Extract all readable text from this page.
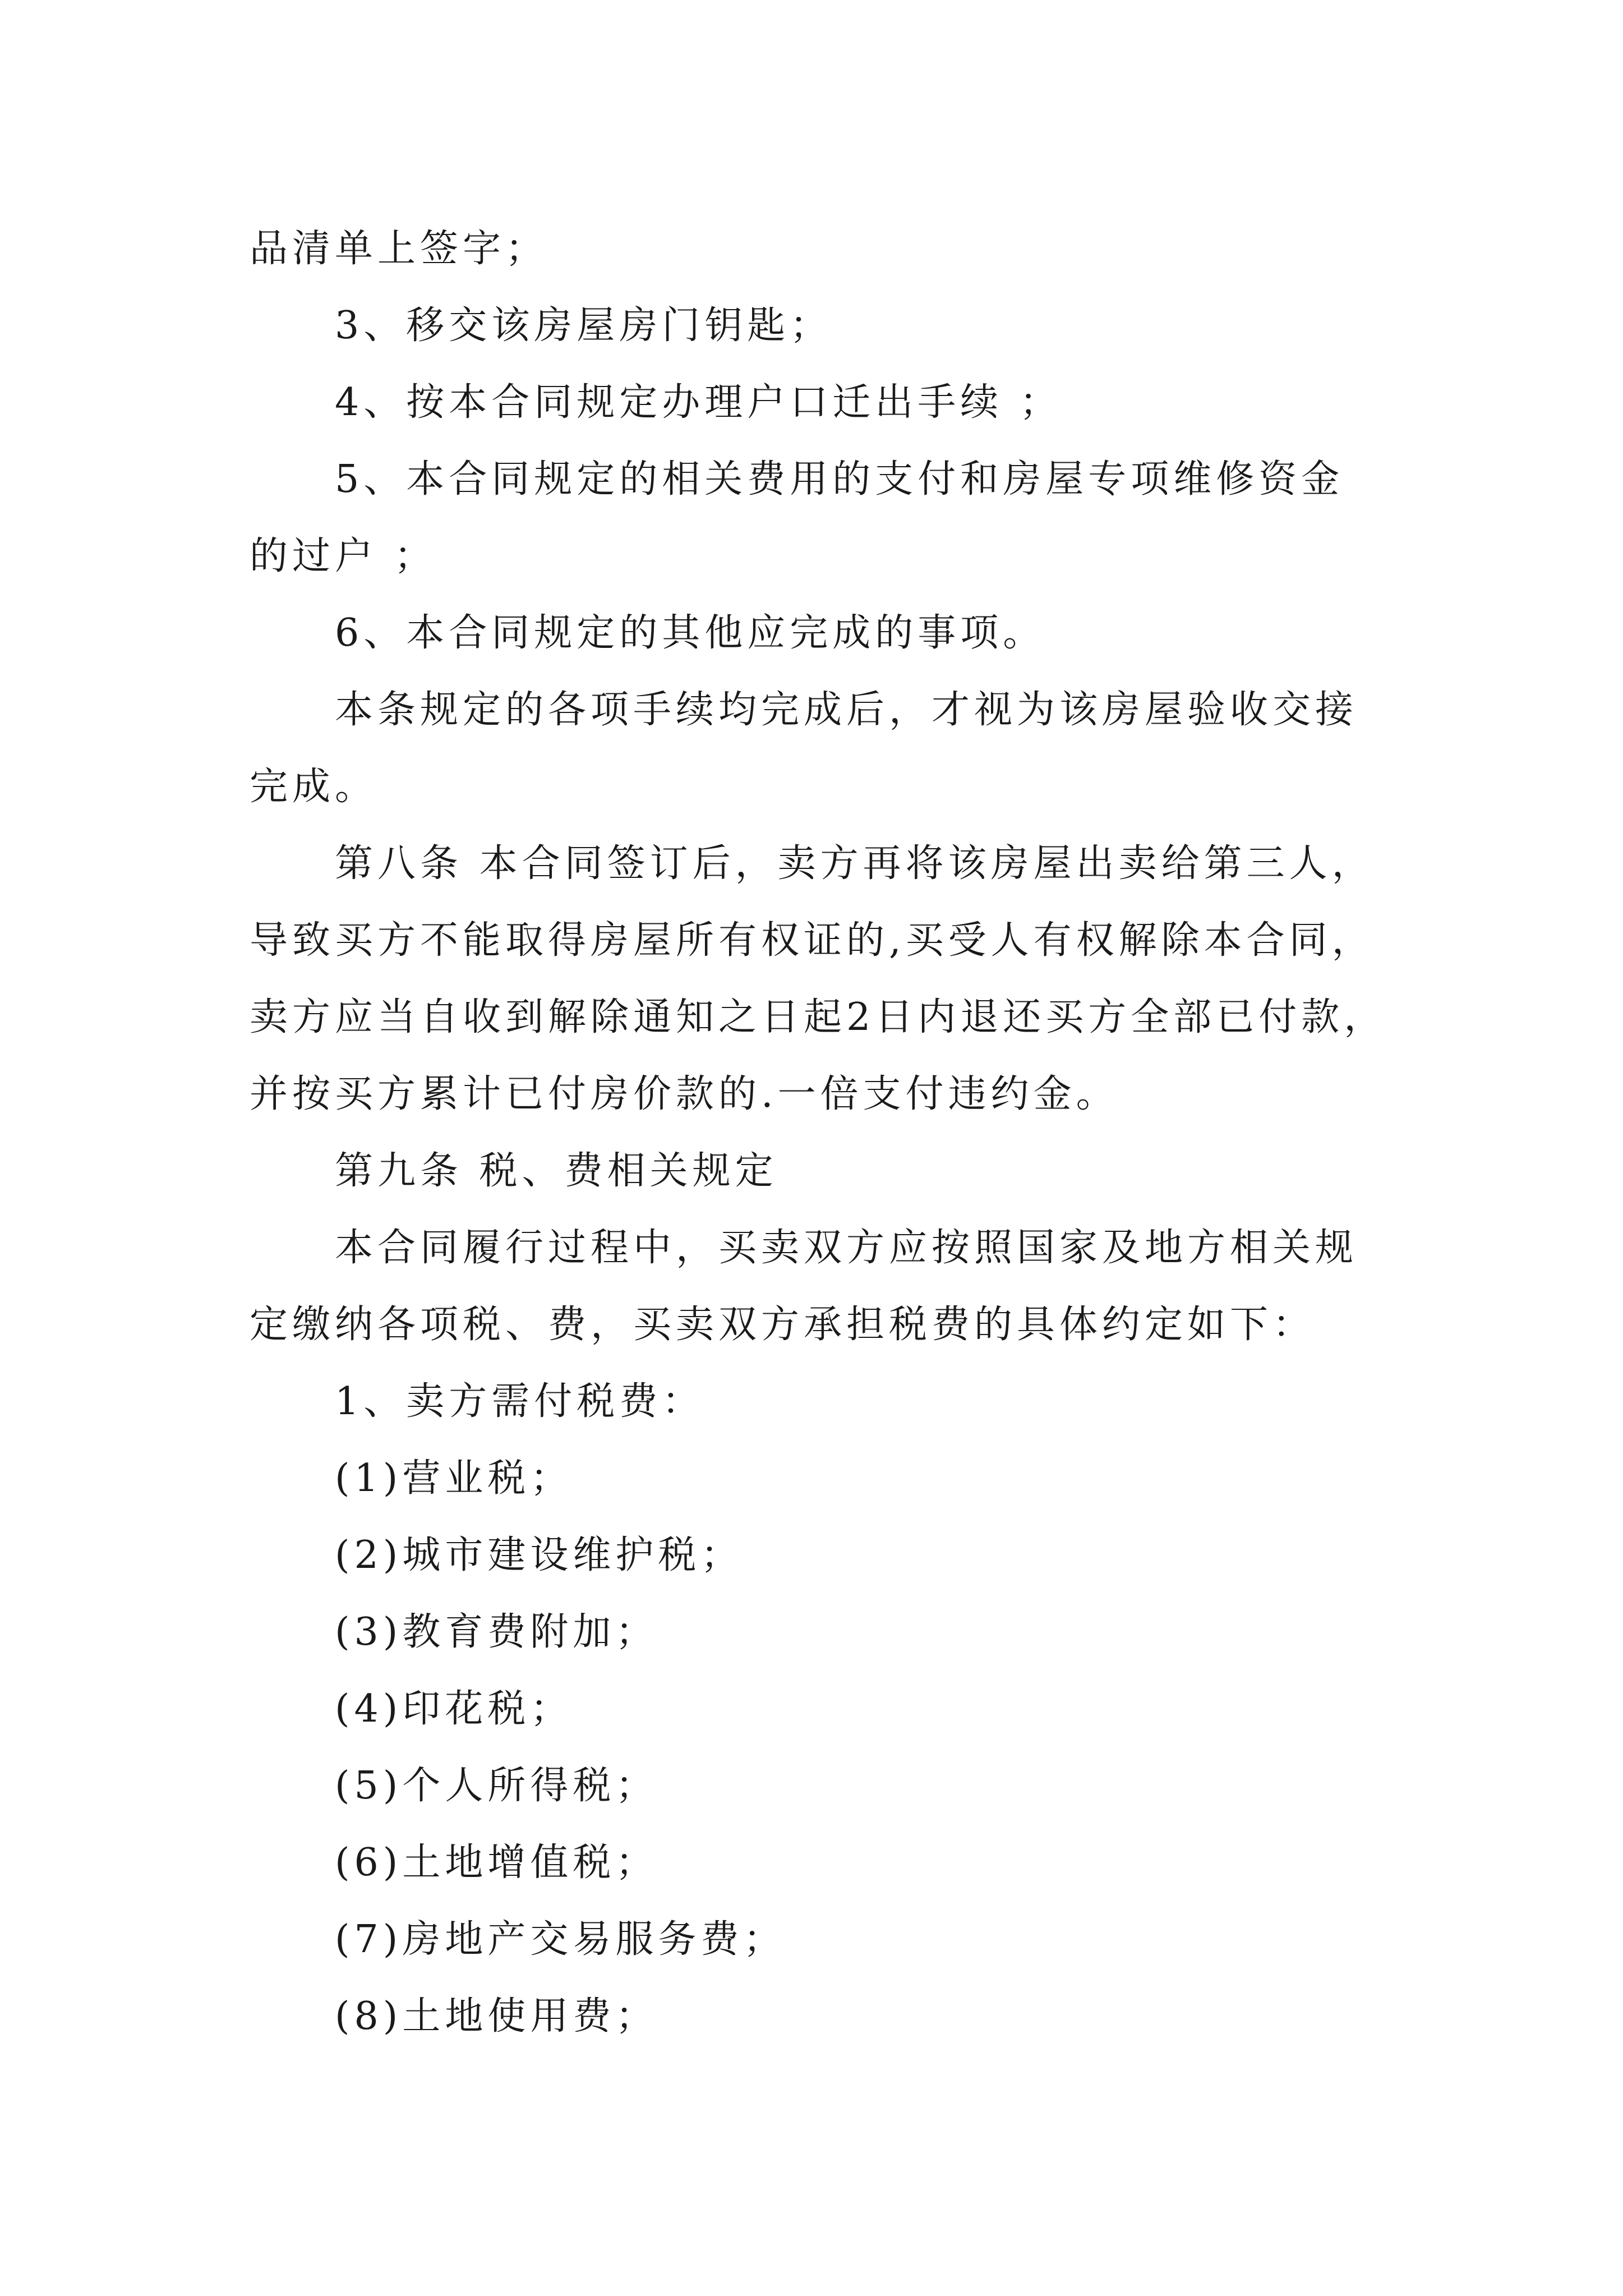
品清单上签字；
3、移交该房屋房门钥匙；
4、按本合同规定办理户口迁出手续 ；
5、本合同规定的相关费用的支付和房屋专项维修资金
的过户 ；
6、本合同规定的其他应完成的事项。
本条规定的各项手续均完成后，才视为该房屋验收交接
完成。
第八条 本合同签订后，卖方再将该房屋出卖给第三人，
导致买方不能取得房屋所有权证的,买受人有权解除本合同，
卖方应当自收到解除通知之日起2日内退还买方全部已付款，
并按买方累计已付房价款的.一倍支付违约金。
第九条 税、费相关规定
本合同履行过程中，买卖双方应按照国家及地方相关规
定缴纳各项税、费，买卖双方承担税费的具体约定如下：
1、卖方需付税费：
(1)营业税；
(2)城市建设维护税；
(3)教育费附加；
(4)印花税；
(5)个人所得税；
(6)土地增值税；
(7)房地产交易服务费；
(8)土地使用费；
